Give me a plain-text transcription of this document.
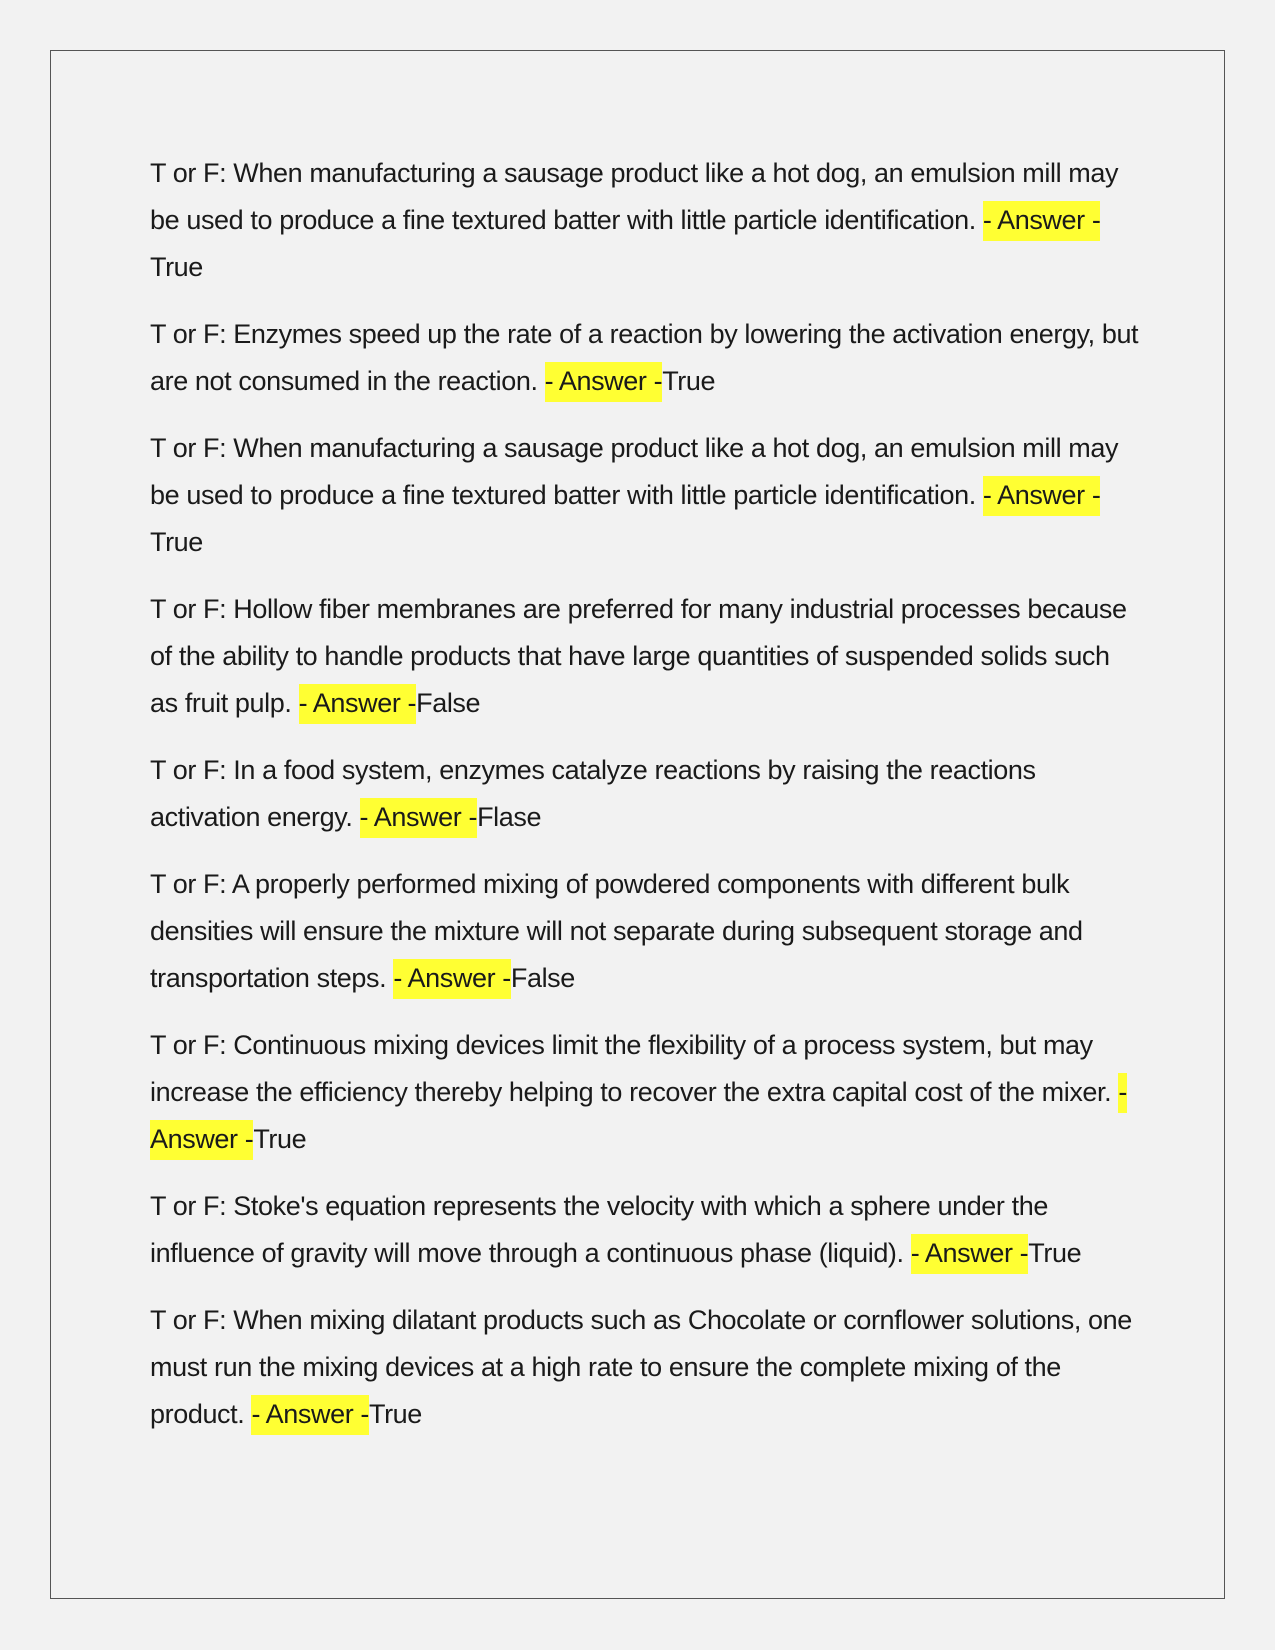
T or F: When manufacturing a sausage product like a hot dog, an emulsion mill may be used to produce a fine textured batter with little particle identification. - Answer -True

T or F: Enzymes speed up the rate of a reaction by lowering the activation energy, but are not consumed in the reaction. - Answer -True

T or F: When manufacturing a sausage product like a hot dog, an emulsion mill may be used to produce a fine textured batter with little particle identification. - Answer -True

T or F: Hollow fiber membranes are preferred for many industrial processes because of the ability to handle products that have large quantities of suspended solids such as fruit pulp. - Answer -False

T or F: In a food system, enzymes catalyze reactions by raising the reactions activation energy. - Answer -Flase

T or F: A properly performed mixing of powdered components with different bulk densities will ensure the mixture will not separate during subsequent storage and transportation steps. - Answer -False

T or F: Continuous mixing devices limit the flexibility of a process system, but may increase the efficiency thereby helping to recover the extra capital cost of the mixer. - Answer -True

T or F: Stoke's equation represents the velocity with which a sphere under the influence of gravity will move through a continuous phase (liquid). - Answer -True

T or F: When mixing dilatant products such as Chocolate or cornflower solutions, one must run the mixing devices at a high rate to ensure the complete mixing of the product. - Answer -True
